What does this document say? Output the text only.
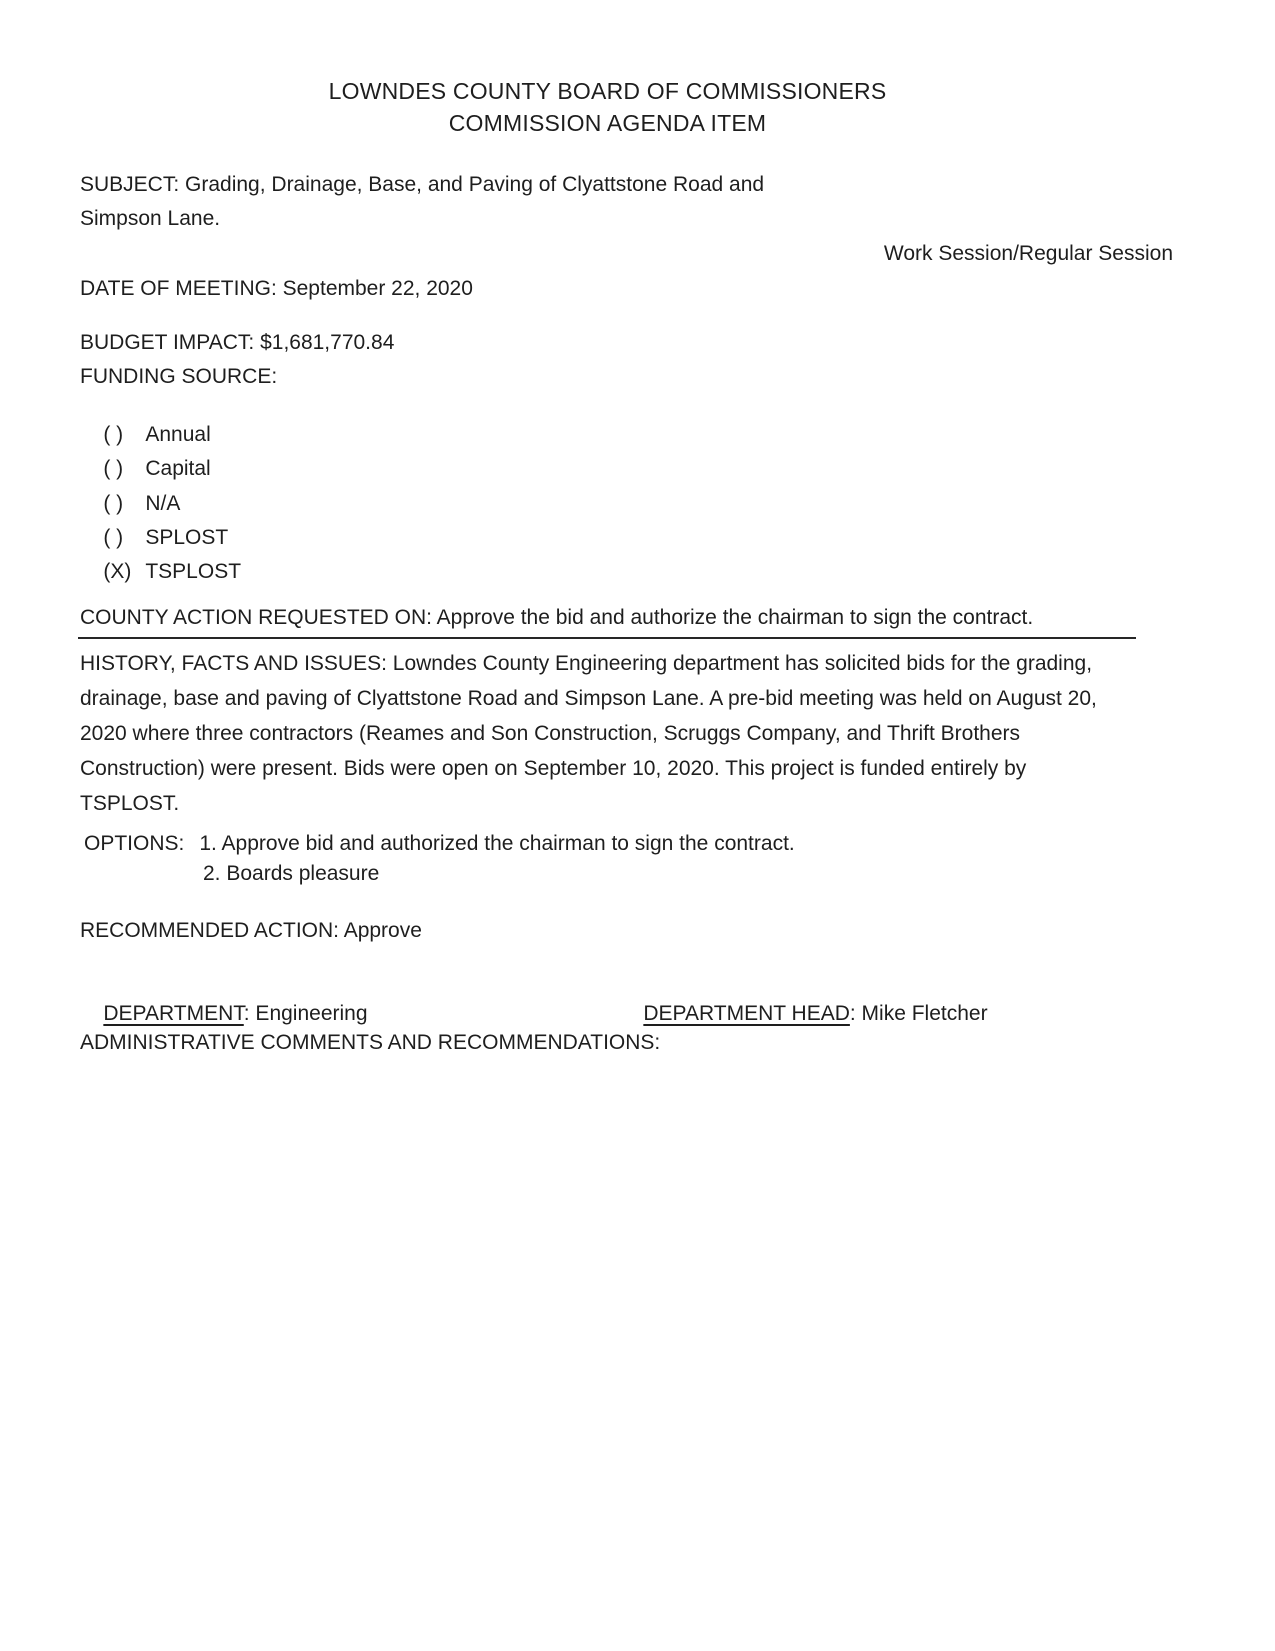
LOWNDES COUNTY BOARD OF COMMISSIONERS
COMMISSION AGENDA ITEM
SUBJECT: Grading, Drainage, Base, and Paving of Clyattstone Road and
Simpson Lane.
Work Session/Regular Session
DATE OF MEETING: September 22, 2020
BUDGET IMPACT: $1,681,770.84
FUNDING SOURCE:

( ) Annual

( ) Capital

( ) N/A

( ) SPLOST

(X) TSPLOST

COUNTY ACTION REQUESTED ON: Approve the bid and authorize the chairman to sign the contract.
HISTORY, FACTS AND ISSUES: Lowndes County Engineering department has solicited bids for the grading,
drainage, base and paving of Clyattstone Road and Simpson Lane. A pre-bid meeting was held on August 20,
2020 where three contractors (Reames and Son Construction, Scruggs Company, and Thrift Brothers
Construction) were present. Bids were open on September 10, 2020. This project is funded entirely by
TSPLOST.
OPTIONS: 1. Approve bid and authorized the chairman to sign the contract.
2. Boards pleasure
RECOMMENDED ACTION: Approve

DEPARTMENT: Engineering
	DEPARTMENT HEAD: Mike Fletcher

ADMINISTRATIVE COMMENTS AND RECOMMENDATIONS:
